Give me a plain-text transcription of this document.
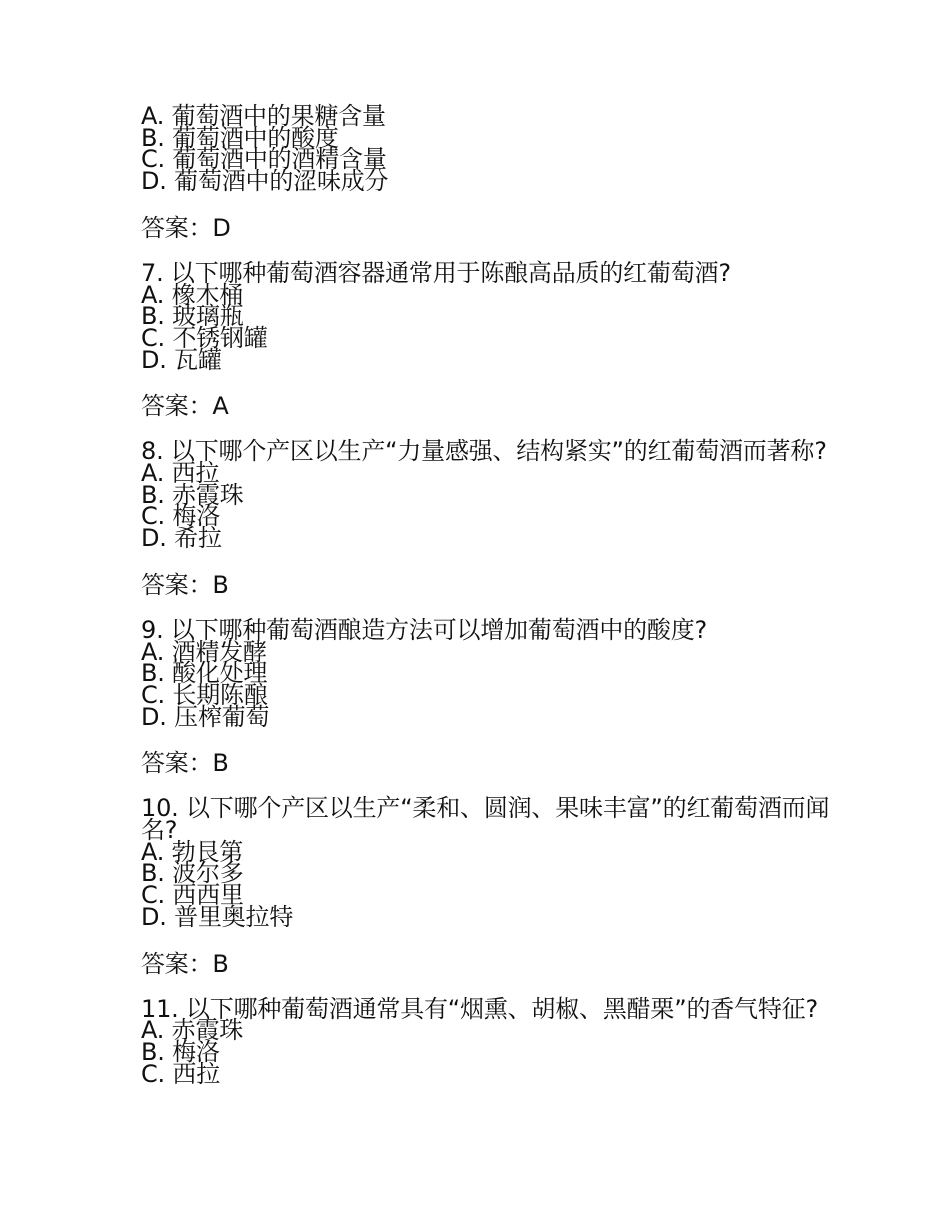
A. 葡萄酒中的果糖含量
B. 葡萄酒中的酸度
C. 葡萄酒中的酒精含量
D. 葡萄酒中的涩味成分
答案：D
7. 以下哪种葡萄酒容器通常用于陈酿高品质的红葡萄酒?
A. 橡木桶
B. 玻璃瓶
C. 不锈钢罐
D. 瓦罐
答案：A
8. 以下哪个产区以生产“力量感强、结构紧实”的红葡萄酒而著称?
A. 西拉
B. 赤霞珠
C. 梅洛
D. 希拉
答案：B
9. 以下哪种葡萄酒酿造方法可以增加葡萄酒中的酸度?
A. 酒精发酵
B. 酸化处理
C. 长期陈酿
D. 压榨葡萄
答案：B
10. 以下哪个产区以生产“柔和、圆润、果味丰富”的红葡萄酒而闻名?
A. 勃艮第
B. 波尔多
C. 西西里
D. 普里奥拉特
答案：B
11. 以下哪种葡萄酒通常具有“烟熏、胡椒、黑醋栗”的香气特征?
A. 赤霞珠
B. 梅洛
C. 西拉
